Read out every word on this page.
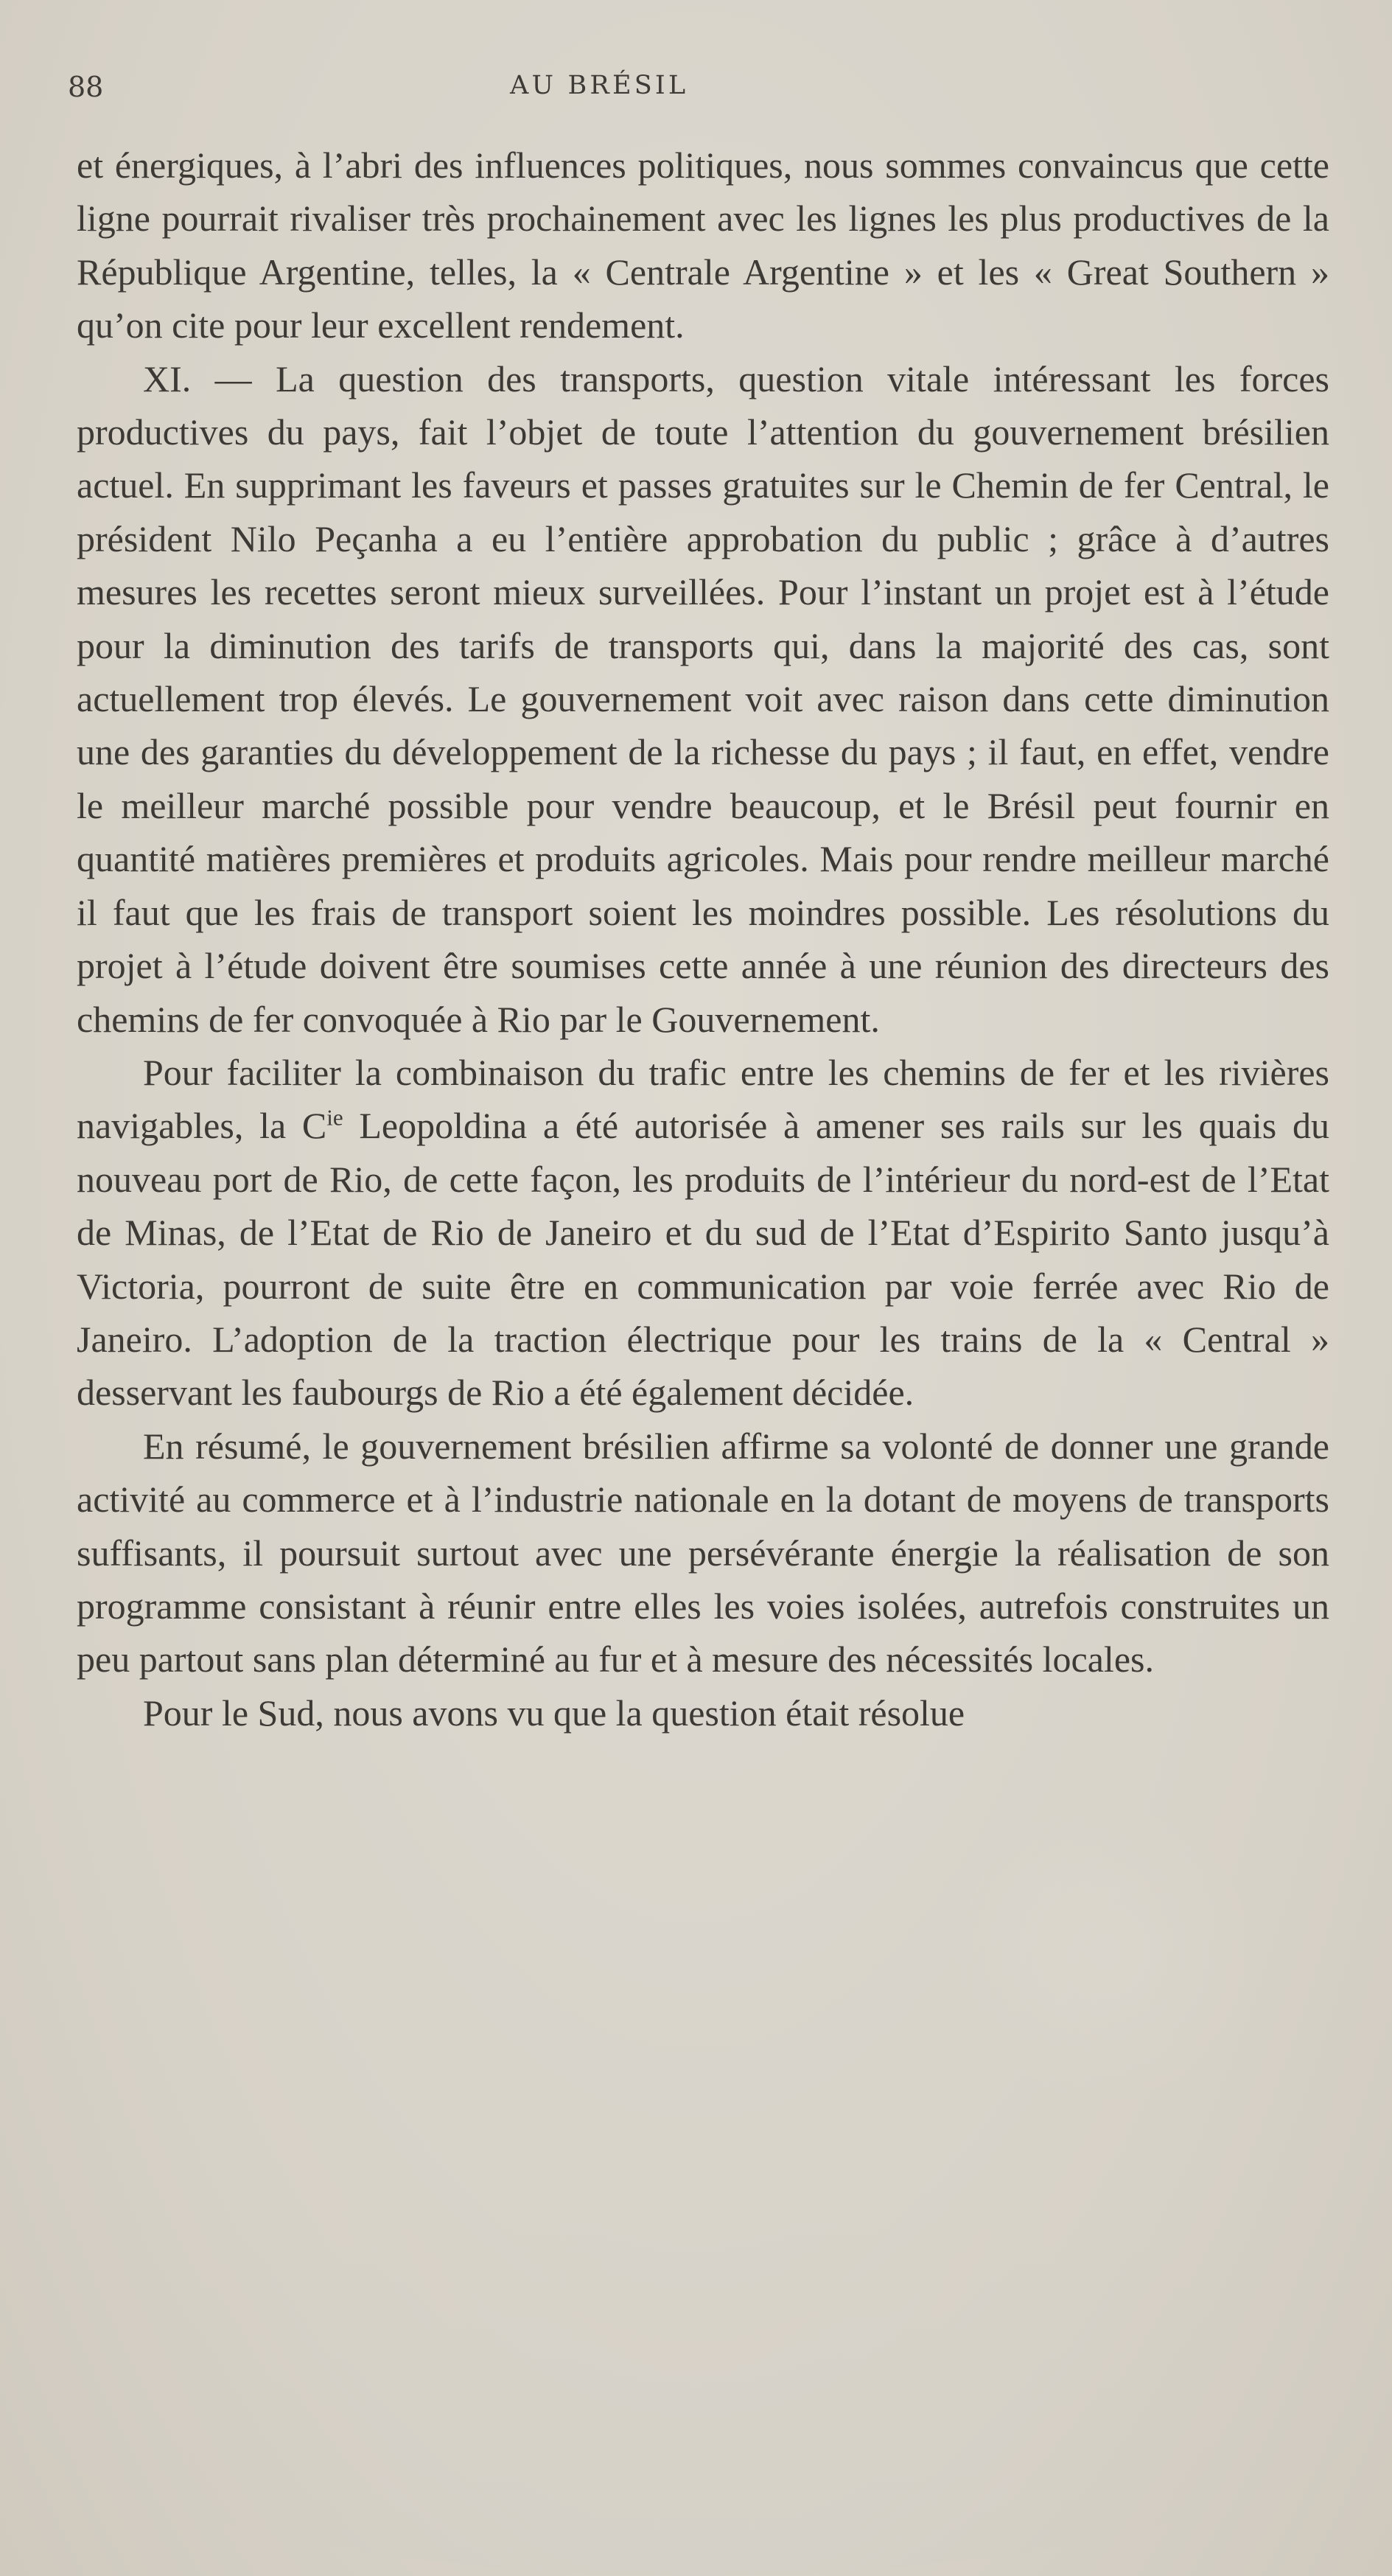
88	AU BRÉSIL

et énergiques, à l’abri des influences politiques, nous sommes convaincus que cette ligne pourrait rivaliser très prochainement avec les lignes les plus productives de la République Argentine, telles, la « Centrale Argentine » et les « Great Southern » qu’on cite pour leur excellent rendement.

XI. — La question des transports, question vitale intéressant les forces productives du pays, fait l’objet de toute l’attention du gouvernement brésilien actuel. En supprimant les faveurs et passes gratuites sur le Chemin de fer Central, le président Nilo Peçanha a eu l’entière approbation du public ; grâce à d’autres mesures les recettes seront mieux surveillées. Pour l’instant un projet est à l’étude pour la diminution des tarifs de transports qui, dans la majorité des cas, sont actuellement trop élevés. Le gouvernement voit avec raison dans cette diminution une des garanties du développement de la richesse du pays ; il faut, en effet, vendre le meilleur marché possible pour vendre beaucoup, et le Brésil peut fournir en quantité matières premières et produits agricoles. Mais pour rendre meilleur marché il faut que les frais de transport soient les moindres possible. Les résolutions du projet à l’étude doivent être soumises cette année à une réunion des directeurs des chemins de fer convoquée à Rio par le Gouvernement.

Pour faciliter la combinaison du trafic entre les chemins de fer et les rivières navigables, la $C^{ie}$ Leopoldina a été autorisée à amener ses rails sur les quais du nouveau port de Rio, de cette façon, les produits de l’intérieur du nord-est de l’Etat de Minas, de l’Etat de Rio de Janeiro et du sud de l’Etat d’Espirito Santo jusqu’à Victoria, pourront de suite être en communication par voie ferrée avec Rio de Janeiro. L’adoption de la traction électrique pour les trains de la « Central » desservant les faubourgs de Rio a été également décidée.

En résumé, le gouvernement brésilien affirme sa volonté de donner une grande activité au commerce et à l’industrie nationale en la dotant de moyens de transports suffisants, il poursuit surtout avec une persévérante énergie la réalisation de son programme consistant à réunir entre elles les voies isolées, autrefois construites un peu partout sans plan déterminé au fur et à mesure des nécessités locales.

Pour le Sud, nous avons vu que la question était résolue
